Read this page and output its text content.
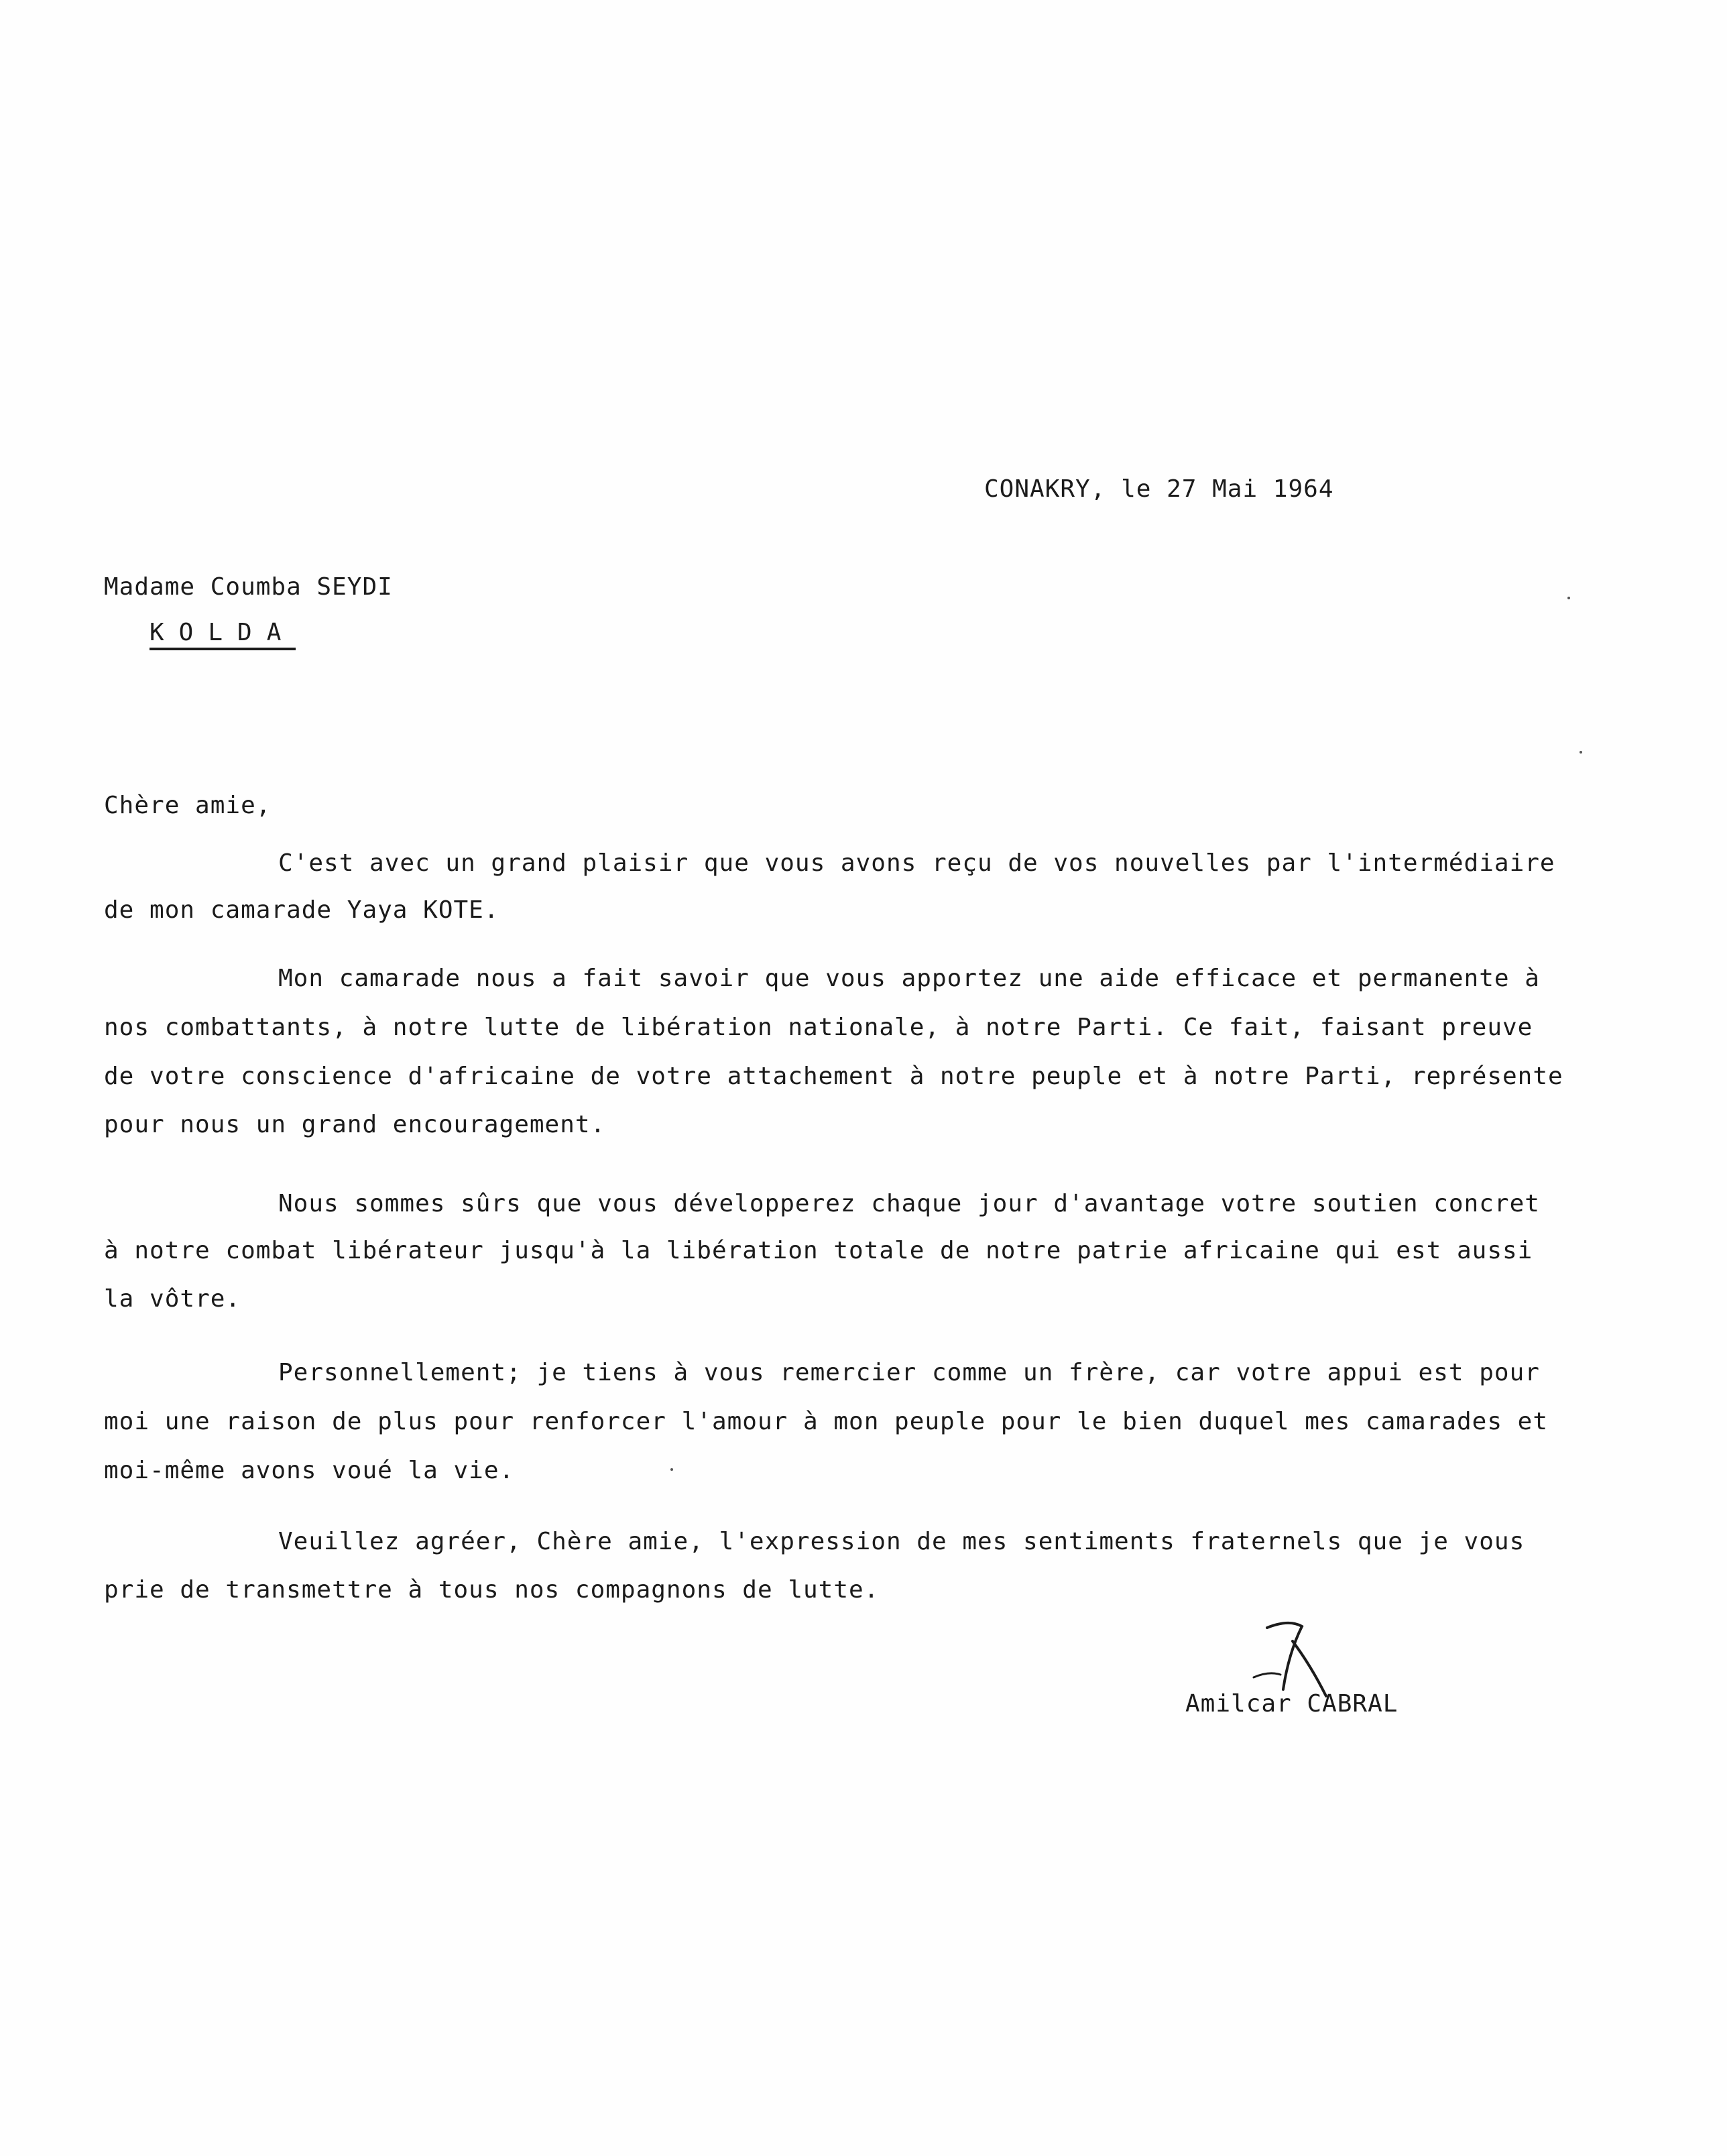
CONAKRY, le 27 Mai 1964
Madame Coumba SEYDI
KOLDA
Chère amie,
C'est avec un grand plaisir que vous avons reçu de vos nouvelles par l'intermédiaire
de mon camarade Yaya KOTE.
Mon camarade nous a fait savoir que vous apportez une aide efficace et permanente à
nos combattants, à notre lutte de libération nationale, à notre Parti. Ce fait, faisant preuve
de votre conscience d'africaine de votre attachement à notre peuple et à notre Parti, représente
pour nous un grand encouragement.
Nous sommes sûrs que vous développerez chaque jour d'avantage votre soutien concret
à notre combat libérateur jusqu'à la libération totale de notre patrie africaine qui est aussi
la vôtre.
Personnellement; je tiens à vous remercier comme un frère, car votre appui est pour
moi une raison de plus pour renforcer l'amour à mon peuple pour le bien duquel mes camarades et
moi-même avons voué la vie.
Veuillez agréer, Chère amie, l'expression de mes sentiments fraternels que je vous
prie de transmettre à tous nos compagnons de lutte.
Amilcar CABRAL
